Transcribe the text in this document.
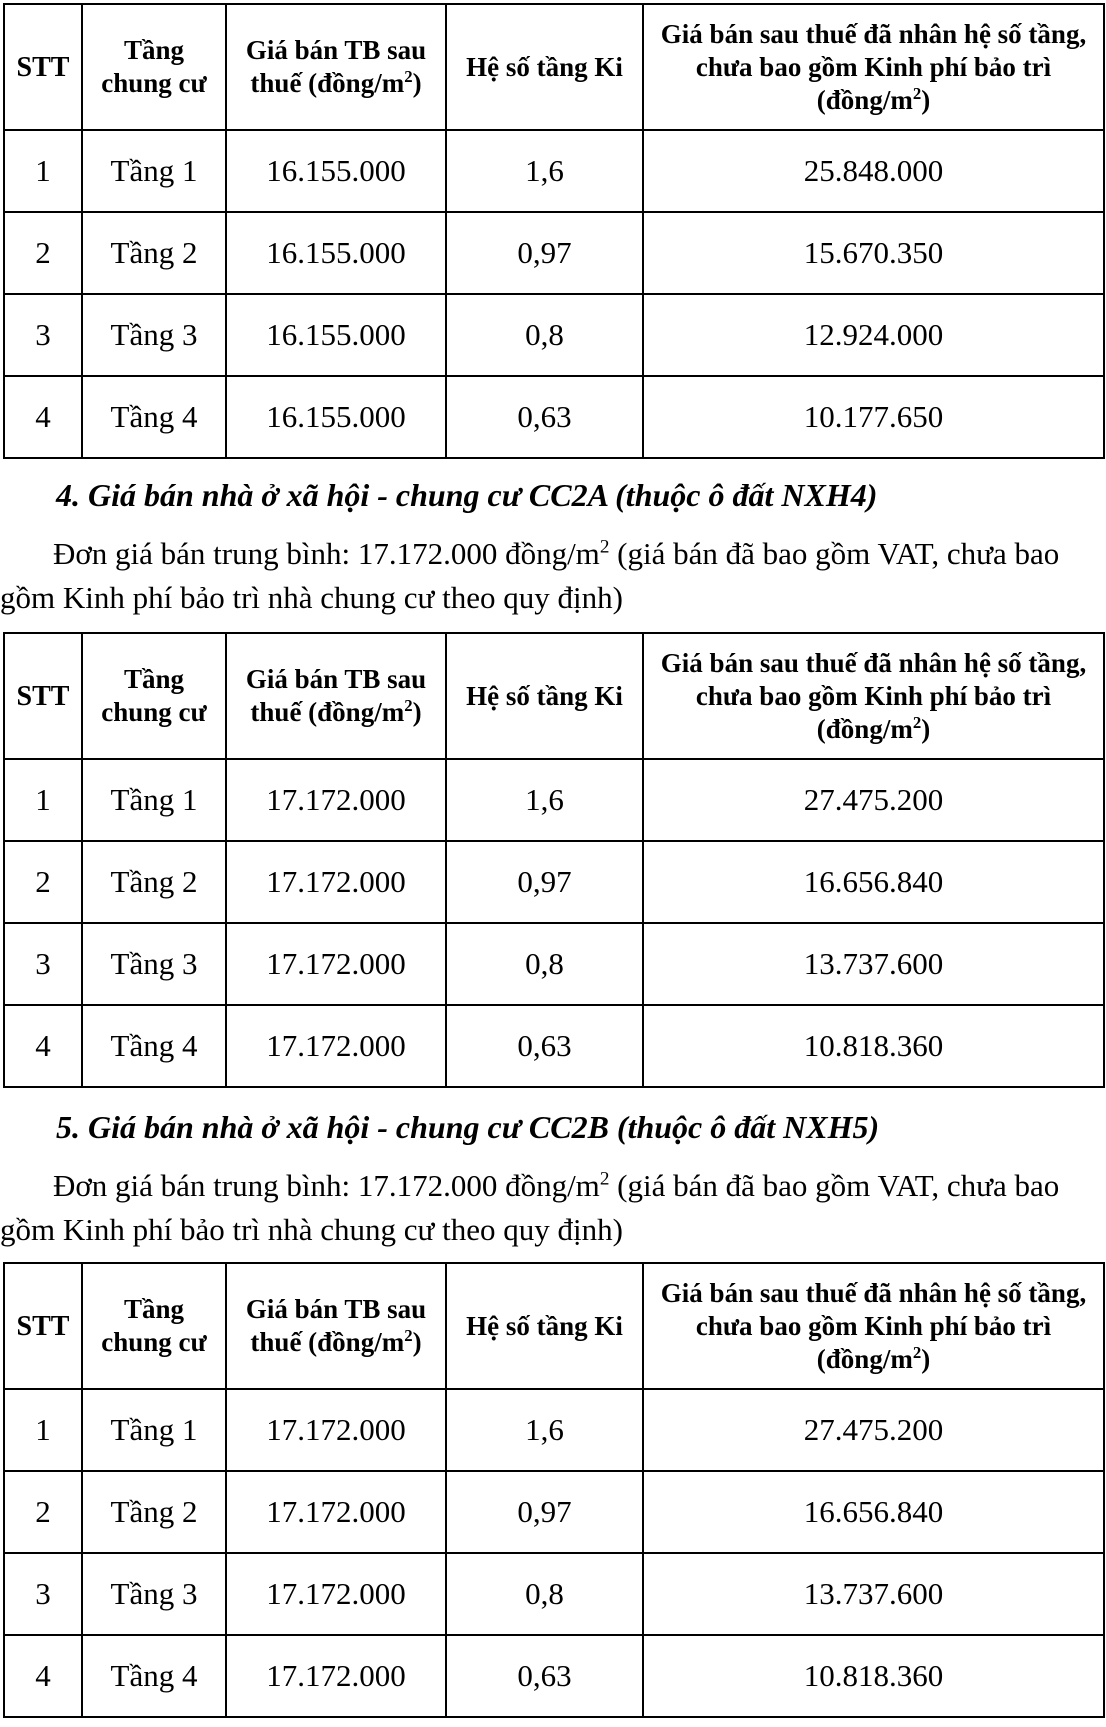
STT	Tầng chung cư	Giá bán TB sau thuế $(đồng/m^2)$	Hệ số tầng Ki	Giá bán sau thuế đã nhân hệ số tầng, chưa bao gồm Kinh phí bảo trì $(đồng/m^2)$
1	Tầng 1	16.155.000	1,6	25.848.000
2	Tầng 2	16.155.000	0,97	15.670.350
3	Tầng 3	16.155.000	0,8	12.924.000
4	Tầng 4	16.155.000	0,63	10.177.650

4. Giá bán nhà ở xã hội - chung cư CC2A (thuộc ô đất NXH4)

Đơn giá bán trung bình: 17.172.000 đồng/$m^2$ (giá bán đã bao gồm VAT, chưa bao gồm Kinh phí bảo trì nhà chung cư theo quy định)

STT	Tầng chung cư	Giá bán TB sau thuế $(đồng/m^2)$	Hệ số tầng Ki	Giá bán sau thuế đã nhân hệ số tầng, chưa bao gồm Kinh phí bảo trì $(đồng/m^2)$
1	Tầng 1	17.172.000	1,6	27.475.200
2	Tầng 2	17.172.000	0,97	16.656.840
3	Tầng 3	17.172.000	0,8	13.737.600
4	Tầng 4	17.172.000	0,63	10.818.360

5. Giá bán nhà ở xã hội - chung cư CC2B (thuộc ô đất NXH5)

Đơn giá bán trung bình: 17.172.000 đồng/$m^2$ (giá bán đã bao gồm VAT, chưa bao gồm Kinh phí bảo trì nhà chung cư theo quy định)

STT	Tầng chung cư	Giá bán TB sau thuế $(đồng/m^2)$	Hệ số tầng Ki	Giá bán sau thuế đã nhân hệ số tầng, chưa bao gồm Kinh phí bảo trì $(đồng/m^2)$
1	Tầng 1	17.172.000	1,6	27.475.200
2	Tầng 2	17.172.000	0,97	16.656.840
3	Tầng 3	17.172.000	0,8	13.737.600
4	Tầng 4	17.172.000	0,63	10.818.360
